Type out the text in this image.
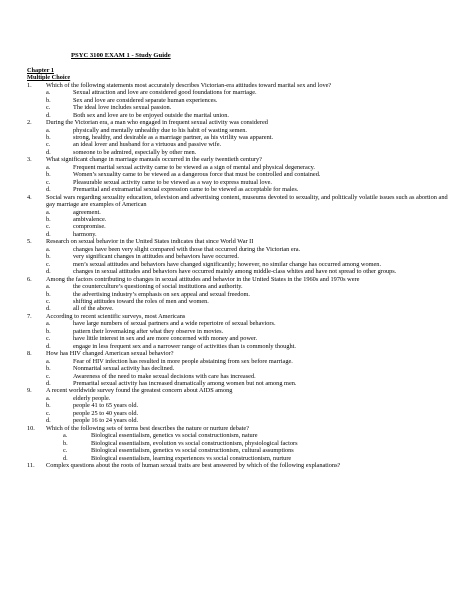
PSYC 3100 EXAM 1 - Study Guide
Chapter 1
Multiple Choice
1.	Which of the following statements most accurately describes Victorian-era attitudes toward marital sex and love?
a.	Sexual attraction and love are considered good foundations for marriage.
b.	Sex and love are considered separate human experiences.
c.	The ideal love includes sexual passion.
d.	Both sex and love are to be enjoyed outside the marital union.
2.	During the Victorian era, a man who engaged in frequent sexual activity was considered
a.	physically and mentally unhealthy due to his habit of wasting semen.
b.	strong, healthy, and desirable as a marriage partner, as his virility was apparent.
c.	an ideal lover and husband for a virtuous and passive wife.
d.	someone to be admired, especially by other men.
3.	What significant change in marriage manuals occurred in the early twentieth century?
a.	Frequent marital sexual activity came to be viewed as a sign of mental and physical degeneracy.
b.	Women’s sexuality came to be viewed as a dangerous force that must be controlled and contained.
c.	Pleasurable sexual activity came to be viewed as a way to express mutual love.
d.	Premarital and extramarital sexual expression came to be viewed as acceptable for males.
4.	Social wars regarding sexuality education, television and advertising content, museums devoted to sexuality, and politically volatile issues such as abortion and gay marriage are examples of American
a.	agreement.
b.	ambivalence.
c.	compromise.
d.	harmony.
5.	Research on sexual behavior in the United States indicates that since World War II
a.	changes have been very slight compared with those that occurred during the Victorian era.
b.	very significant changes in attitudes and behaviors have occurred.
c.	men’s sexual attitudes and behaviors have changed significantly; however, no similar change has occurred among women.
d.	changes in sexual attitudes and behaviors have occurred mainly among middle-class whites and have not spread to other groups.
6.	Among the factors contributing to changes in sexual attitudes and behavior in the United States in the 1960s and 1970s were
a.	the counterculture’s questioning of social institutions and authority.
b.	the advertising industry’s emphasis on sex appeal and sexual freedom.
c.	shifting attitudes toward the roles of men and women.
d.	all of the above.
7.	According to recent scientific surveys, most Americans
a.	have large numbers of sexual partners and a wide repertoire of sexual behaviors.
b.	pattern their lovemaking after what they observe in movies.
c.	have little interest in sex and are more concerned with money and power.
d.	engage in less frequent sex and a narrower range of activities than is commonly thought.
8.	How has HIV changed American sexual behavior?
a.	Fear of HIV infection has resulted in more people abstaining from sex before marriage.
b.	Nonmarital sexual activity has declined.
c.	Awareness of the need to make sexual decisions with care has increased.
d.	Premarital sexual activity has increased dramatically among women but not among men.
9.	A recent worldwide survey found the greatest concern about AIDS among
a.	elderly people.
b.	people 41 to 65 years old.
c.	people 25 to 40 years old.
d.	people 16 to 24 years old.
10.	Which of the following sets of terms best describes the nature or nurture debate?
a.	Biological essentialism, genetics vs social constructionism, nature
b.	Biological essentialism, evolution vs social constructionism, physiological factors
c.	Biological essentialism, genetics vs social constructionism, cultural assumptions
d.	Biological essentialism, learning experiences vs social constructionism, nurture
11.	Complex questions about the roots of human sexual traits are best answered by which of the following explanations?
